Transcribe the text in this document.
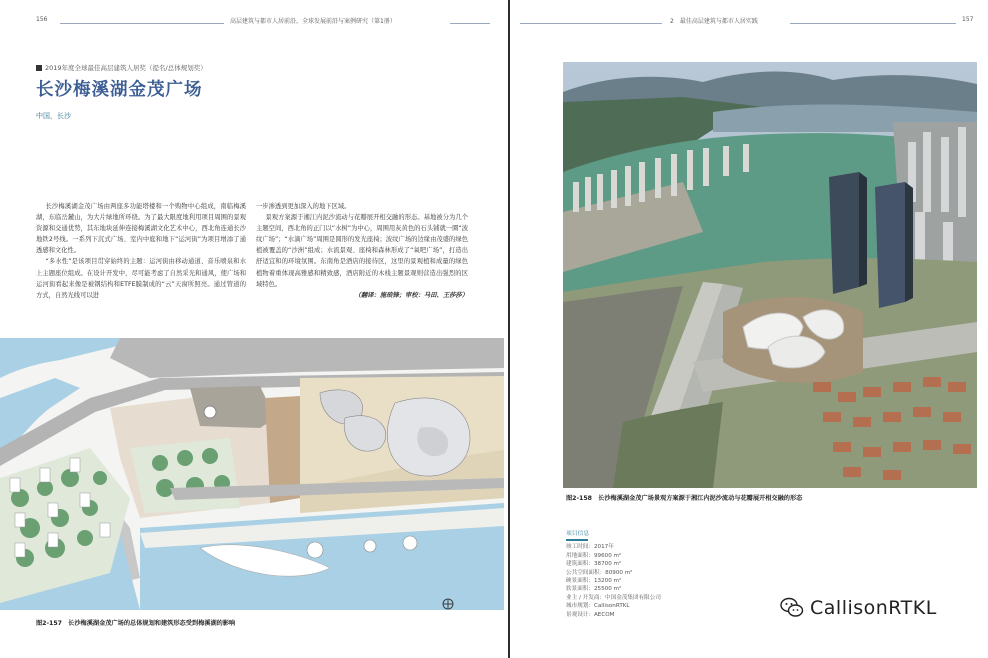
156	高层建筑与都市人居前沿，全球发展前沿与案例研究（第1册）
2019年度全球最佳高层建筑人居奖（提名/总体规划奖）
长沙梅溪湖金茂广场
中国，长沙

长沙梅溪湖金茂广场由两座多功能塔楼和一个购物中心组成，南临梅溪湖，东临岳麓山，为大片绿地所环绕。为了最大限度地利用项目周围的景观资源和交通优势，其东地块延伸连接梅溪湖文化艺术中心，西北角连通长沙地铁2号线。一系列下沉式广场、室内中庭和地下“运河街”为项目增添了通透感和文化性。

“多水性”是该项目贯穿始终的主题：运河街由移动通道、音乐喷泉和水上主题座位组成。在设计开发中，尽可能考虑了自然采光和通风，使广场和运河街看起来像是被钢结构和ETFE膜制成的“云”天窗所照亮。通过管道的方式，自然光线可以进

一步渗透到更加深入的地下区域。

景观方案源于湘江内泥沙流动与花瓣展开相交融的形态。基地被分为几个主题空间，西北角的正门以“水树”为中心，周围用灰黄色的石头铺就一圈“波纹广场”；“水滴广场”周围是圆形的发光座椅；波纹广场的边缘由茂盛的绿色植被覆盖的“沙洲”组成；水流景观、座椅和森林形成了“氧吧广场”，打造出舒适宜和的环境氛围。东南角是酒店的接待区，这里的景观植和成量的绿色植物着重体现高雅感和精致感，酒店附近的木栈主题景观则营造出强烈的区域特色。

（翻译：施琅锋；审校：马田、王莎莎）

图2-157　长沙梅溪湖金茂广场的总体规划和建筑形态受到梅溪湖的影响
2　最佳高层建筑与都市人居实践	157
图2-158　长沙梅溪湖金茂广场景观方案源于湘江内泥沙流动与花瓣展开相交融的形态
项目信息
竣工时间：2017年
用地面积：99600 m²
建筑面积：38700 m²
公共空间面积：80900 m²
硬景面积：13200 m²
软景面积：25500 m²
业主 / 开发商：中国金茂集团有限公司
城市规划：CallisonRTKL
景观设计：AECOM	CallisonRTKL
